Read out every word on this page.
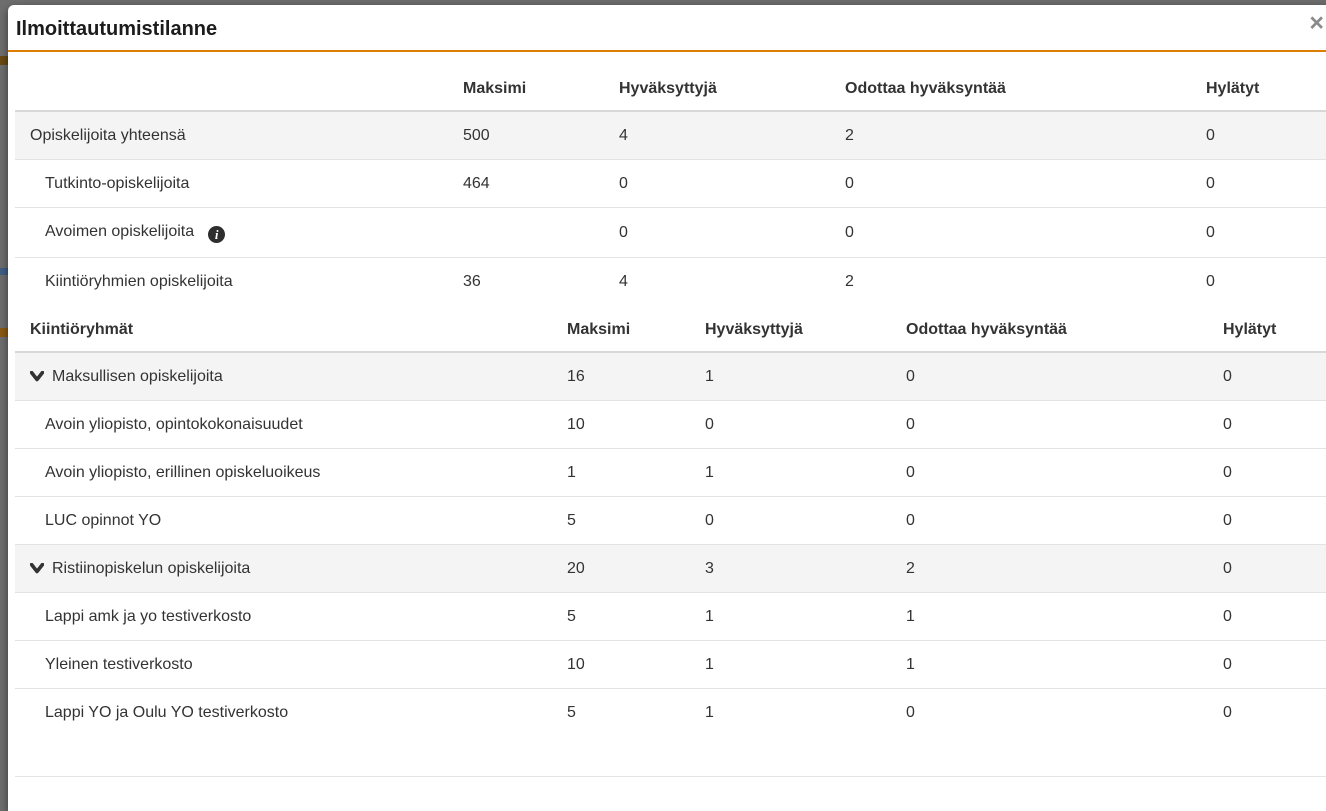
Ilmoittautumistilanne	×
	Maksimi	Hyväksyttyjä	Odottaa hyväksyntää	Hylätyt
Opiskelijoita yhteensä	500	4	2	0
Tutkinto-opiskelijoita	464	0	0	0
Avoimen opiskelijoita i		0	0	0
Kiintiöryhmien opiskelijoita	36	4	2	0
Kiintiöryhmät	Maksimi	Hyväksyttyjä	Odottaa hyväksyntää	Hylätyt
Maksullisen opiskelijoita	16	1	0	0
Avoin yliopisto, opintokokonaisuudet	10	0	0	0
Avoin yliopisto, erillinen opiskeluoikeus	1	1	0	0
LUC opinnot YO	5	0	0	0
Ristiinopiskelun opiskelijoita	20	3	2	0
Lappi amk ja yo testiverkosto	5	1	1	0
Yleinen testiverkosto	10	1	1	0
Lappi YO ja Oulu YO testiverkosto	5	1	0	0
